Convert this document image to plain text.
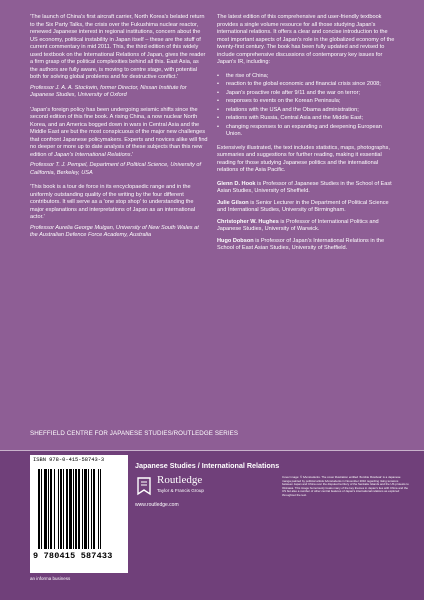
'The launch of China's first aircraft carrier, North Korea's belated return to the Six Party Talks, the crisis over the Fukushima nuclear reactor, renewed Japanese interest in regional institutions, concern about the US economy, political instability in Japan itself – these are the stuff of current commentary in mid 2011. This, the third edition of this widely used textbook on the International Relations of Japan, gives the reader a firm grasp of the political complexities behind all this. East Asia, as the authors are fully aware, is moving to centre stage, with potential both for solving global problems and for destructive conflict.'

Professor J. A. A. Stockwin, former Director, Nissan Institute for Japanese Studies, University of Oxford

'Japan's foreign policy has been undergoing seismic shifts since the second edition of this fine book. A rising China, a now nuclear North Korea, and an America bogged down in wars in Central Asia and the Middle East are but the most conspicuous of the major new challenges that confront Japanese policymakers. Experts and novices alike will find no deeper or more up to date analysis of these subjects than this new edition of Japan's International Relations.'

Professor T. J. Pempel, Department of Political Science, University of California, Berkeley, USA

'This book is a tour de force in its encyclopaedic range and in the uniformly outstanding quality of the writing by the four different contributors. It will serve as a 'one stop shop' to understanding the major explanations and interpretations of Japan as an international actor.'

Professor Aurelia George Mulgan, University of New South Wales at the Australian Defence Force Academy, Australia

The latest edition of this comprehensive and user-friendly textbook provides a single volume resource for all those studying Japan's international relations. It offers a clear and concise introduction to the most important aspects of Japan's role in the globalized economy of the twenty-first century. The book has been fully updated and revised to include comprehensive discussions of contemporary key issues for Japan's IR, including:

• the rise of China;
• reaction to the global economic and financial crisis since 2008;
• Japan's proactive role after 9/11 and the war on terror;
• responses to events on the Korean Peninsula;
• relations with the USA and the Obama administration;
• relations with Russia, Central Asia and the Middle East;
• changing responses to an expanding and deepening European Union.

Extensively illustrated, the text includes statistics, maps, photographs, summaries and suggestions for further reading, making it essential reading for those studying Japanese politics and the international relations of the Asia Pacific.

Glenn D. Hook is Professor of Japanese Studies in the School of East Asian Studies, University of Sheffield.

Julie Gilson is Senior Lecturer in the Department of Political Science and International Studies, University of Birmingham.

Christopher W. Hughes is Professor of International Politics and Japanese Studies, University of Warwick.

Hugo Dobson is Professor of Japan's International Relations in the School of East Asian Studies, University of Sheffield.

SHEFFIELD CENTRE FOR JAPANESE STUDIES/ROUTLEDGE SERIES
ISBN 978-0-415-58743-3
9 780415 587433
Japanese Studies / International Relations
Routledge
Taylor & Francis Group
www.routledge.com
Cover image: © bAmstudents. The cover illustration entitled 'Zombie Rowboat' is a Japanese manga painted by political artists bAmstudents in November 2010 regarding rising tensions between Japan and China over the disputed territory of the Senkaku Islands and the US protests to Okinawa. This image humorously treats many of the key themes in Japan's ties with China and the US but also a number of other central features of Japan's international relations as explored throughout the text.
an informa business
